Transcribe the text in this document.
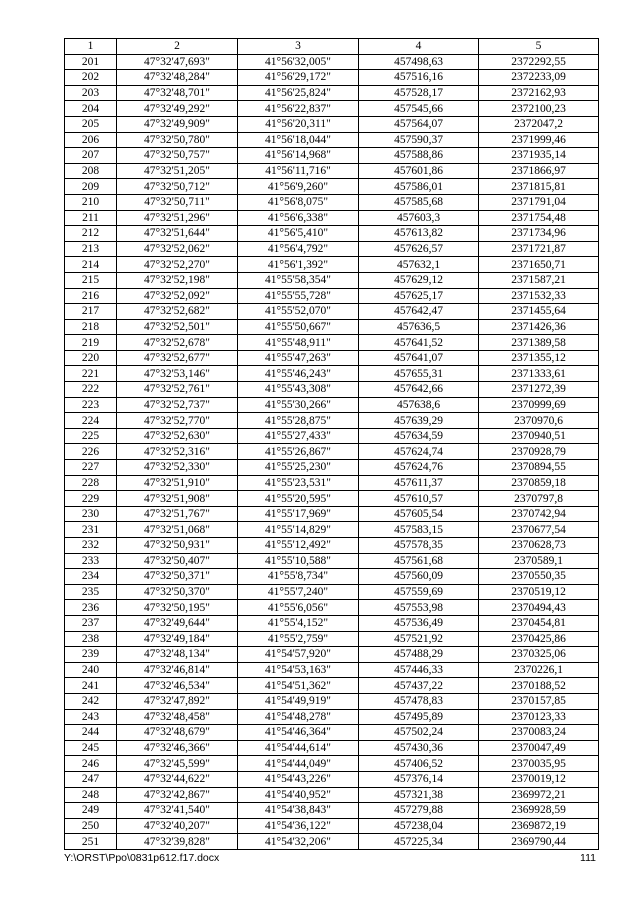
1	2	3	4	5
201	47°32'47,693"	41°56'32,005"	457498,63	2372292,55
202	47°32'48,284"	41°56'29,172"	457516,16	2372233,09
203	47°32'48,701"	41°56'25,824"	457528,17	2372162,93
204	47°32'49,292"	41°56'22,837"	457545,66	2372100,23
205	47°32'49,909"	41°56'20,311"	457564,07	2372047,2
206	47°32'50,780"	41°56'18,044"	457590,37	2371999,46
207	47°32'50,757"	41°56'14,968"	457588,86	2371935,14
208	47°32'51,205"	41°56'11,716"	457601,86	2371866,97
209	47°32'50,712"	41°56'9,260"	457586,01	2371815,81
210	47°32'50,711"	41°56'8,075"	457585,68	2371791,04
211	47°32'51,296"	41°56'6,338"	457603,3	2371754,48
212	47°32'51,644"	41°56'5,410"	457613,82	2371734,96
213	47°32'52,062"	41°56'4,792"	457626,57	2371721,87
214	47°32'52,270"	41°56'1,392"	457632,1	2371650,71
215	47°32'52,198"	41°55'58,354"	457629,12	2371587,21
216	47°32'52,092"	41°55'55,728"	457625,17	2371532,33
217	47°32'52,682"	41°55'52,070"	457642,47	2371455,64
218	47°32'52,501"	41°55'50,667"	457636,5	2371426,36
219	47°32'52,678"	41°55'48,911"	457641,52	2371389,58
220	47°32'52,677"	41°55'47,263"	457641,07	2371355,12
221	47°32'53,146"	41°55'46,243"	457655,31	2371333,61
222	47°32'52,761"	41°55'43,308"	457642,66	2371272,39
223	47°32'52,737"	41°55'30,266"	457638,6	2370999,69
224	47°32'52,770"	41°55'28,875"	457639,29	2370970,6
225	47°32'52,630"	41°55'27,433"	457634,59	2370940,51
226	47°32'52,316"	41°55'26,867"	457624,74	2370928,79
227	47°32'52,330"	41°55'25,230"	457624,76	2370894,55
228	47°32'51,910"	41°55'23,531"	457611,37	2370859,18
229	47°32'51,908"	41°55'20,595"	457610,57	2370797,8
230	47°32'51,767"	41°55'17,969"	457605,54	2370742,94
231	47°32'51,068"	41°55'14,829"	457583,15	2370677,54
232	47°32'50,931"	41°55'12,492"	457578,35	2370628,73
233	47°32'50,407"	41°55'10,588"	457561,68	2370589,1
234	47°32'50,371"	41°55'8,734"	457560,09	2370550,35
235	47°32'50,370"	41°55'7,240"	457559,69	2370519,12
236	47°32'50,195"	41°55'6,056"	457553,98	2370494,43
237	47°32'49,644"	41°55'4,152"	457536,49	2370454,81
238	47°32'49,184"	41°55'2,759"	457521,92	2370425,86
239	47°32'48,134"	41°54'57,920"	457488,29	2370325,06
240	47°32'46,814"	41°54'53,163"	457446,33	2370226,1
241	47°32'46,534"	41°54'51,362"	457437,22	2370188,52
242	47°32'47,892"	41°54'49,919"	457478,83	2370157,85
243	47°32'48,458"	41°54'48,278"	457495,89	2370123,33
244	47°32'48,679"	41°54'46,364"	457502,24	2370083,24
245	47°32'46,366"	41°54'44,614"	457430,36	2370047,49
246	47°32'45,599"	41°54'44,049"	457406,52	2370035,95
247	47°32'44,622"	41°54'43,226"	457376,14	2370019,12
248	47°32'42,867"	41°54'40,952"	457321,38	2369972,21
249	47°32'41,540"	41°54'38,843"	457279,88	2369928,59
250	47°32'40,207"	41°54'36,122"	457238,04	2369872,19
251	47°32'39,828"	41°54'32,206"	457225,34	2369790,44
Y:\ORST\Ppo\0831p612.f17.docx	111
